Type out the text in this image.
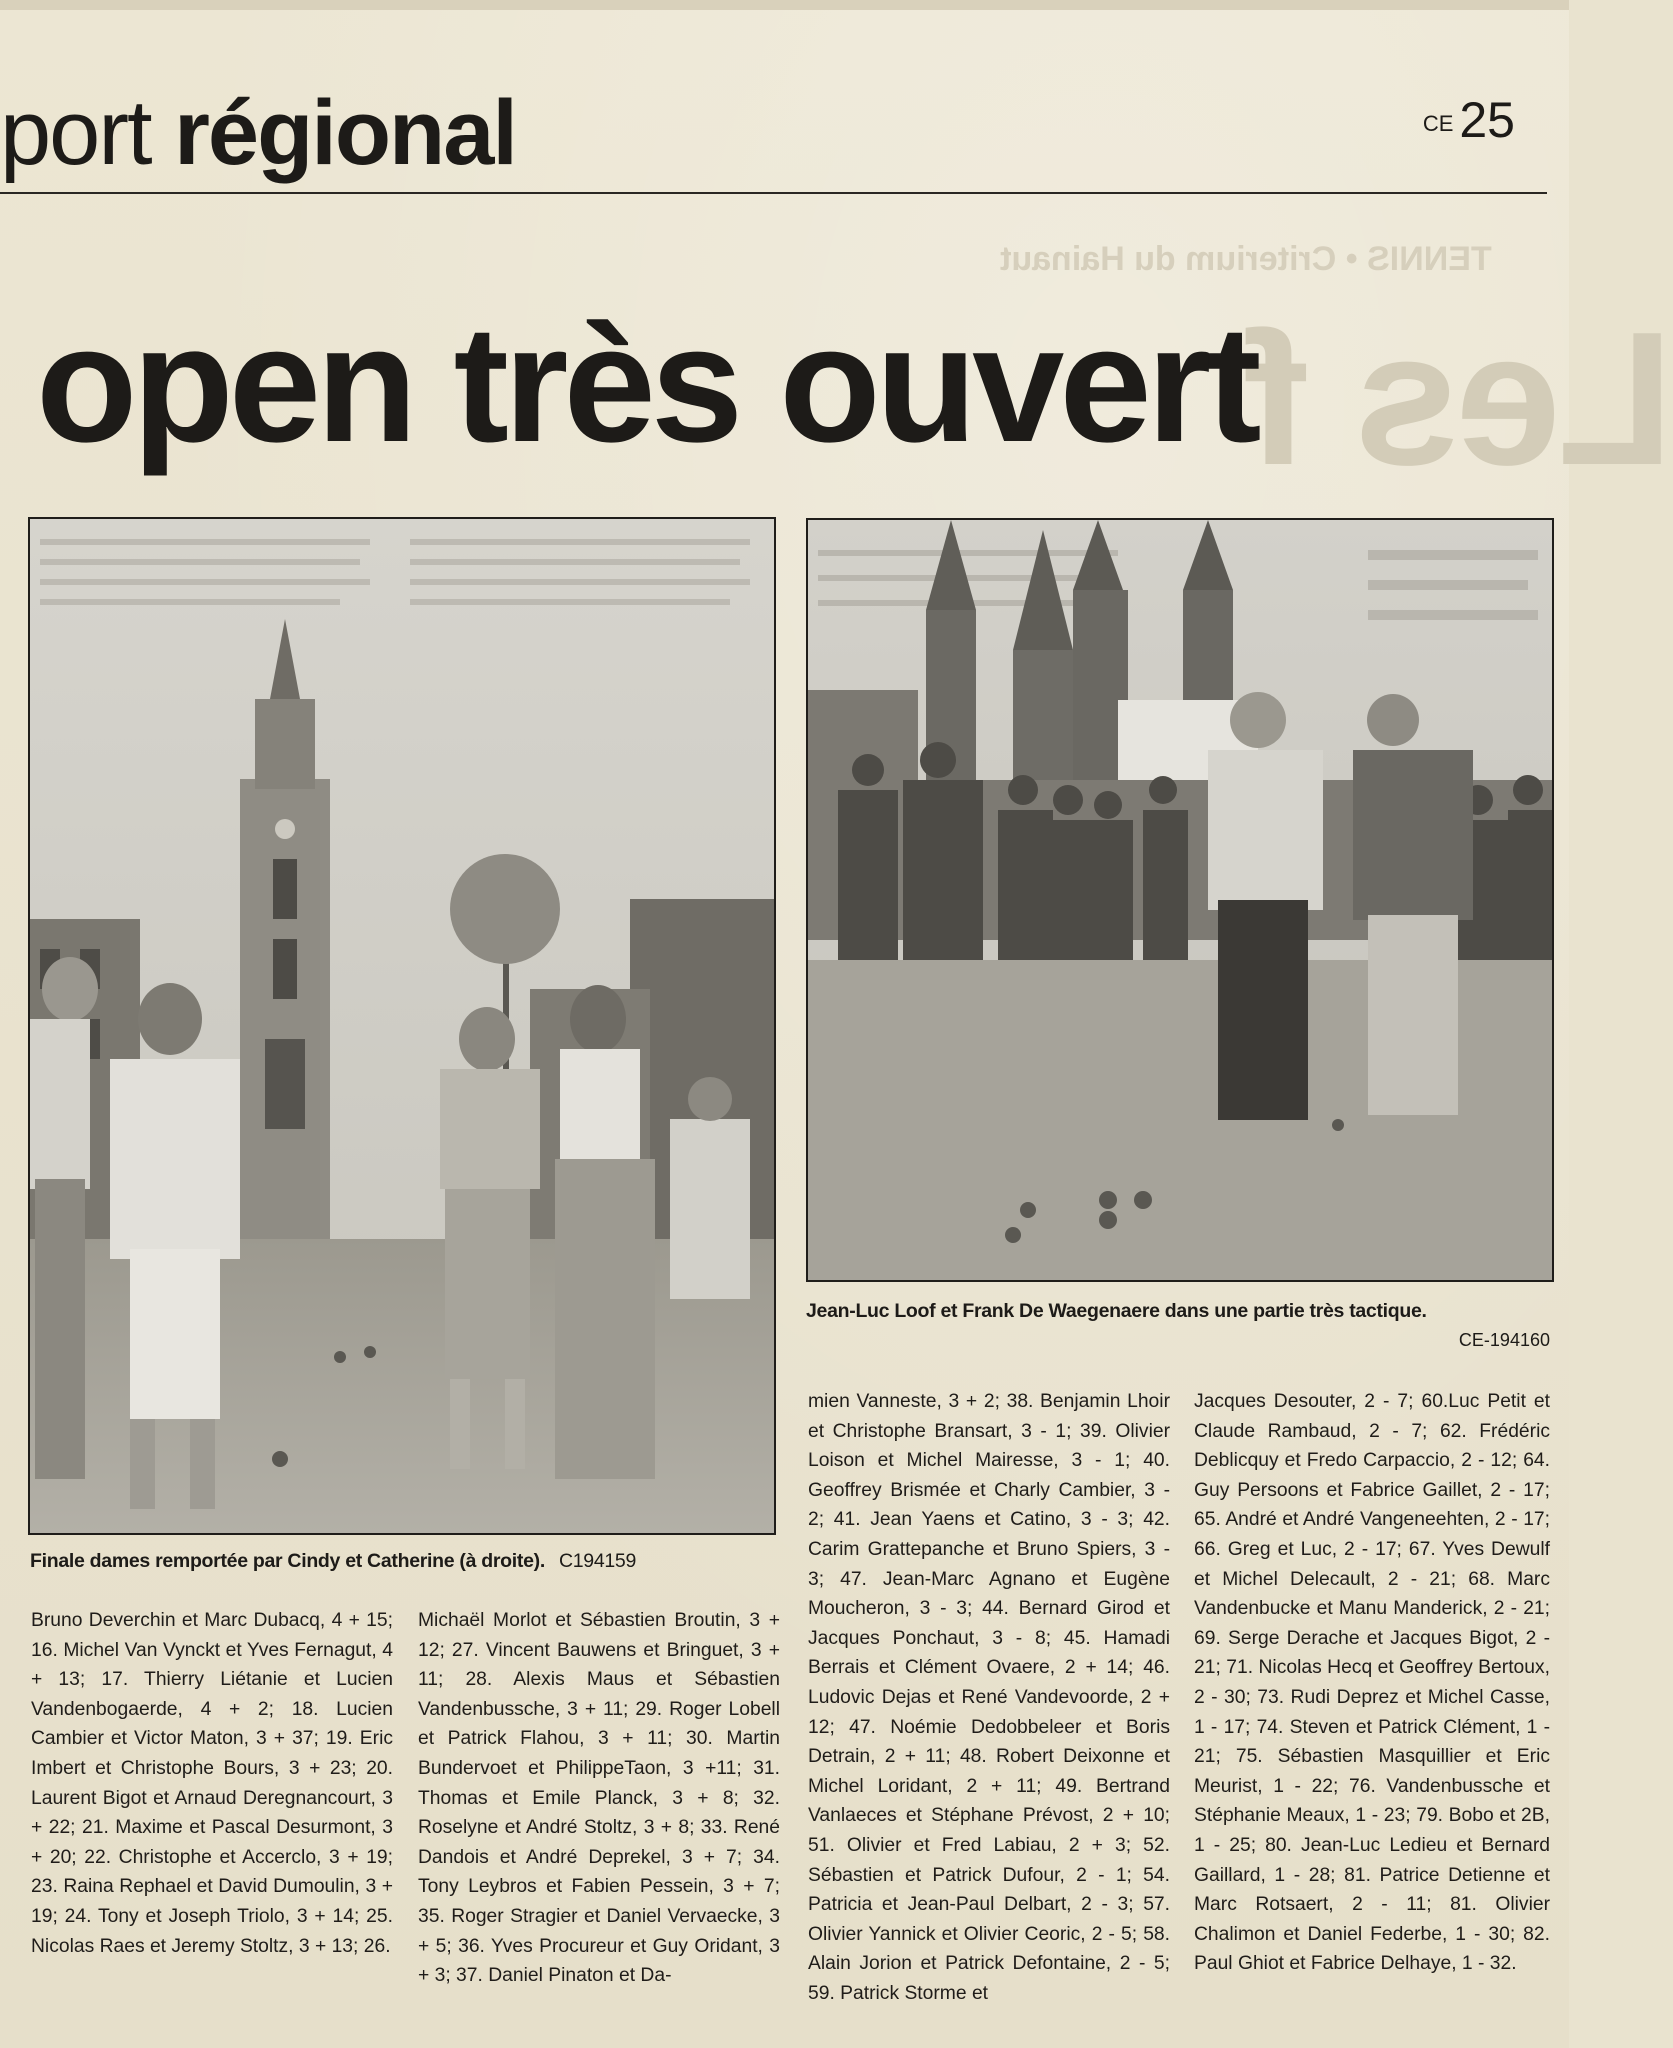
port régional	CE 25
TENNIS • Criterium du Hainaut
Les f
open très ouvert
Finale dames remportée par Cindy et Catherine (à droite). C194159
Jean-Luc Loof et Frank De Waegenaere dans une partie très tactique.
CE-194160
Bruno Deverchin et Marc Dubacq, 4 + 15; 16. Michel Van Vynckt et Yves Fernagut, 4 + 13; 17. Thierry Liétanie et Lucien Vandenbogaerde, 4 + 2; 18. Lucien Cambier et Victor Maton, 3 + 37; 19. Eric Imbert et Christophe Bours, 3 + 23; 20. Laurent Bigot et Arnaud Deregnancourt, 3 + 22; 21. Maxime et Pascal Desurmont, 3 + 20; 22. Christophe et Accerclo, 3 + 19; 23. Raina Rephael et David Dumoulin, 3 + 19; 24. Tony et Joseph Triolo, 3 + 14; 25. Nicolas Raes et Jeremy Stoltz, 3 + 13; 26.
Michaël Morlot et Sébastien Broutin, 3 + 12; 27. Vincent Bauwens et Bringuet, 3 + 11; 28. Alexis Maus et Sébastien Vandenbussche, 3 + 11; 29. Roger Lobell et Patrick Flahou, 3 + 11; 30. Martin Bundervoet et PhilippeTaon, 3 +11; 31. Thomas et Emile Planck, 3 + 8; 32. Roselyne et André Stoltz, 3 + 8; 33. René Dandois et André Deprekel, 3 + 7; 34. Tony Leybros et Fabien Pessein, 3 + 7; 35. Roger Stragier et Daniel Vervaecke, 3 + 5; 36. Yves Procureur et Guy Oridant, 3 + 3; 37. Daniel Pinaton et Da-
mien Vanneste, 3 + 2; 38. Benjamin Lhoir et Christophe Bransart, 3 - 1; 39. Olivier Loison et Michel Mairesse, 3 - 1; 40. Geoffrey Brismée et Charly Cambier, 3 - 2; 41. Jean Yaens et Catino, 3 - 3; 42. Carim Grattepanche et Bruno Spiers, 3 - 3; 47. Jean-Marc Agnano et Eugène Moucheron, 3 - 3; 44. Bernard Girod et Jacques Ponchaut, 3 - 8; 45. Hamadi Berrais et Clément Ovaere, 2 + 14; 46. Ludovic Dejas et René Vandevoorde, 2 + 12; 47. Noémie Dedobbeleer et Boris Detrain, 2 + 11; 48. Robert Deixonne et Michel Loridant, 2 + 11; 49. Bertrand Vanlaeces et Stéphane Prévost, 2 + 10; 51. Olivier et Fred Labiau, 2 + 3; 52. Sébastien et Patrick Dufour, 2 - 1; 54. Patricia et Jean-Paul Delbart, 2 - 3; 57. Olivier Yannick et Olivier Ceoric, 2 - 5; 58. Alain Jorion et Patrick Defontaine, 2 - 5; 59. Patrick Storme et
Jacques Desouter, 2 - 7; 60.Luc Petit et Claude Rambaud, 2 - 7; 62. Frédéric Deblicquy et Fredo Carpaccio, 2 - 12; 64. Guy Persoons et Fabrice Gaillet, 2 - 17; 65. André et André Vangeneehten, 2 - 17; 66. Greg et Luc, 2 - 17; 67. Yves Dewulf et Michel Delecault, 2 - 21; 68. Marc Vandenbucke et Manu Manderick, 2 - 21; 69. Serge Derache et Jacques Bigot, 2 - 21; 71. Nicolas Hecq et Geoffrey Bertoux, 2 - 30; 73. Rudi Deprez et Michel Casse, 1 - 17; 74. Steven et Patrick Clément, 1 - 21; 75. Sébastien Masquillier et Eric Meurist, 1 - 22; 76. Vandenbussche et Stéphanie Meaux, 1 - 23; 79. Bobo et 2B, 1 - 25; 80. Jean-Luc Ledieu et Bernard Gaillard, 1 - 28; 81. Patrice Detienne et Marc Rotsaert, 2 - 11; 81. Olivier Chalimon et Daniel Federbe, 1 - 30; 82. Paul Ghiot et Fabrice Delhaye, 1 - 32.
